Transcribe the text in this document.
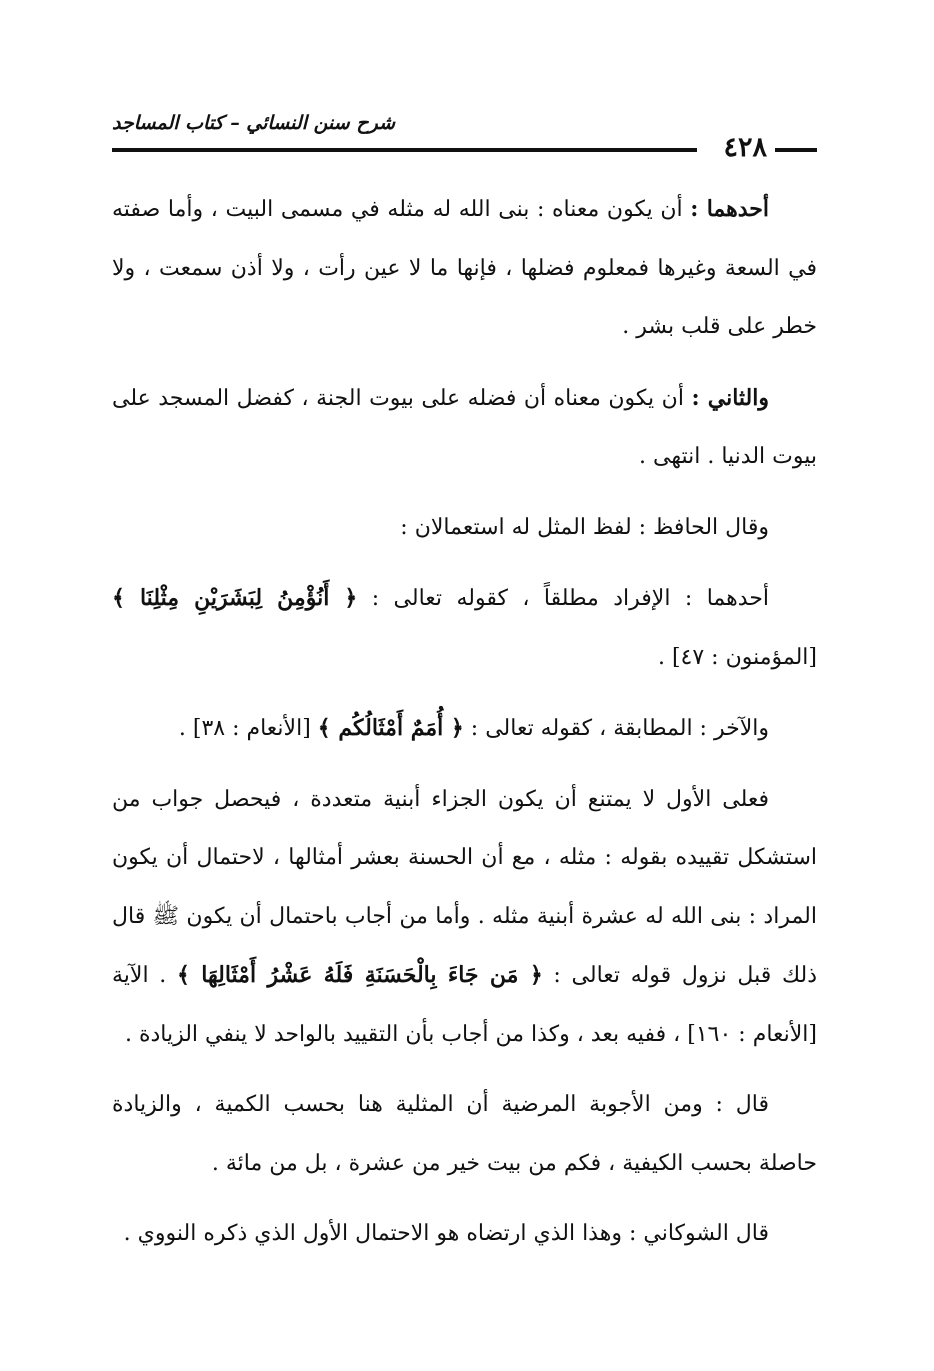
٤٢٨
شرح سنن النسائي – كتاب المساجد

أحدهما : أن يكون معناه : بنى الله له مثله في مسمى البيت ، وأما صفته في السعة وغيرها فمعلوم فضلها ، فإنها ما لا عين رأت ، ولا أذن سمعت ، ولا خطر على قلب بشر .

والثاني : أن يكون معناه أن فضله على بيوت الجنة ، كفضل المسجد على بيوت الدنيا . انتهى .

وقال الحافظ : لفظ المثل له استعمالان :

أحدهما : الإفراد مطلقاً ، كقوله تعالى : ﴿ أَنُؤْمِنُ لِبَشَرَيْنِ مِثْلِنَا ﴾ [المؤمنون : ٤٧] .

والآخر : المطابقة ، كقوله تعالى : ﴿ أُمَمٌ أَمْثَالُكُم ﴾ [الأنعام : ٣٨] .

فعلى الأول لا يمتنع أن يكون الجزاء أبنية متعددة ، فيحصل جواب من استشكل تقييده بقوله : مثله ، مع أن الحسنة بعشر أمثالها ، لاحتمال أن يكون المراد : بنى الله له عشرة أبنية مثله . وأما من أجاب باحتمال أن يكون ﷺ قال ذلك قبل نزول قوله تعالى : ﴿ مَن جَاءَ بِالْحَسَنَةِ فَلَهُ عَشْرُ أَمْثَالِهَا ﴾ . الآية [الأنعام : ١٦٠] ، ففيه بعد ، وكذا من أجاب بأن التقييد بالواحد لا ينفي الزيادة .

قال : ومن الأجوبة المرضية أن المثلية هنا بحسب الكمية ، والزيادة حاصلة بحسب الكيفية ، فكم من بيت خير من عشرة ، بل من مائة .

قال الشوكاني : وهذا الذي ارتضاه هو الاحتمال الأول الذي ذكره النووي .
